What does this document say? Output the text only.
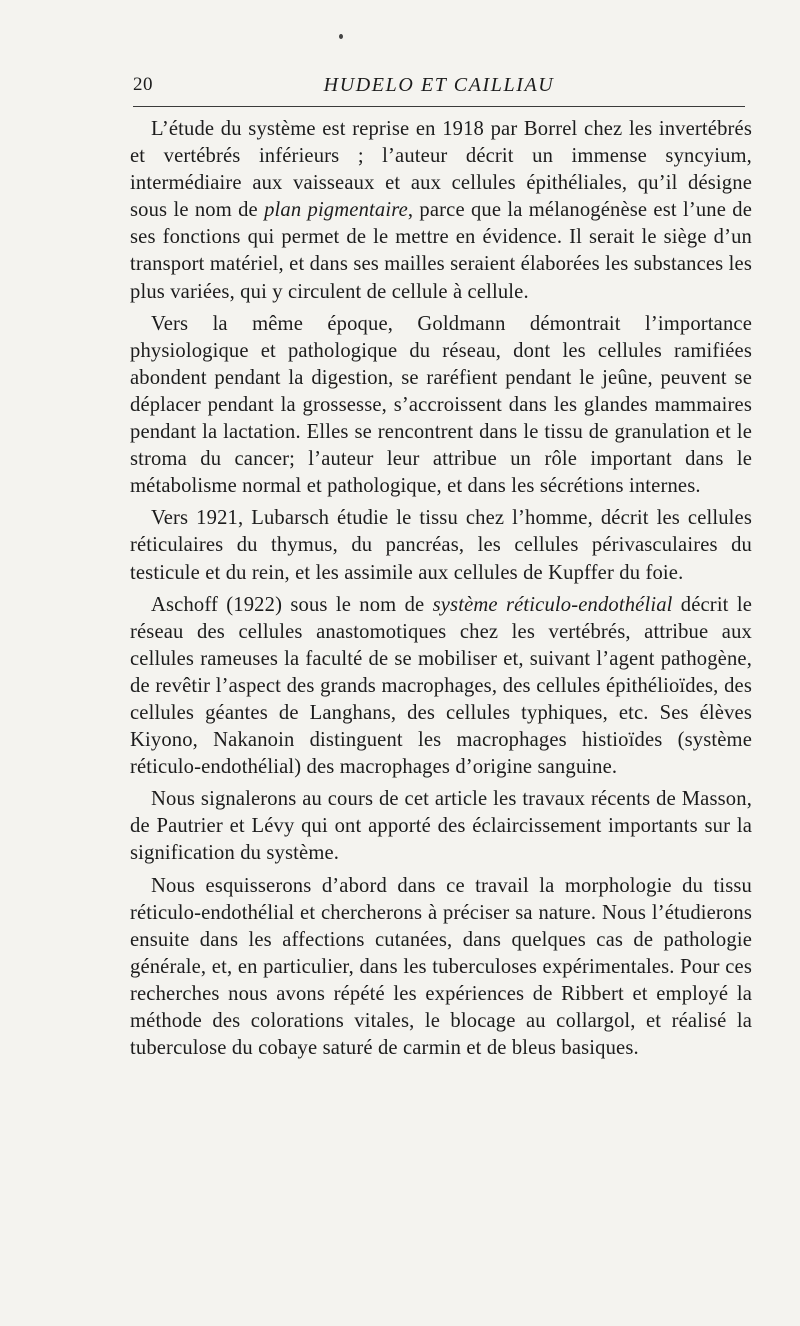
20	HUDELO ET CAILLIAU

L’étude du système est reprise en 1918 par Borrel chez les invertébrés et vertébrés inférieurs ; l’auteur décrit un immense syncyium, intermédiaire aux vaisseaux et aux cellules épithéliales, qu’il désigne sous le nom de plan pigmentaire, parce que la mélanogénèse est l’une de ses fonctions qui permet de le mettre en évidence. Il serait le siège d’un transport matériel, et dans ses mailles seraient élaborées les substances les plus variées, qui y circulent de cellule à cellule.

Vers la même époque, Goldmann démontrait l’importance physiologique et pathologique du réseau, dont les cellules ramifiées abondent pendant la digestion, se raréfient pendant le jeûne, peuvent se déplacer pendant la grossesse, s’accroissent dans les glandes mammaires pendant la lactation. Elles se rencontrent dans le tissu de granulation et le stroma du cancer; l’auteur leur attribue un rôle important dans le métabolisme normal et pathologique, et dans les sécrétions internes.

Vers 1921, Lubarsch étudie le tissu chez l’homme, décrit les cellules réticulaires du thymus, du pancréas, les cellules périvasculaires du testicule et du rein, et les assimile aux cellules de Kupffer du foie.

Aschoff (1922) sous le nom de système réticulo-endothélial décrit le réseau des cellules anastomotiques chez les vertébrés, attribue aux cellules rameuses la faculté de se mobiliser et, suivant l’agent pathogène, de revêtir l’aspect des grands macrophages, des cellules épithélioïdes, des cellules géantes de Langhans, des cellules typhiques, etc. Ses élèves Kiyono, Nakanoin distinguent les macrophages histioïdes (système réticulo-endothélial) des macrophages d’origine sanguine.

Nous signalerons au cours de cet article les travaux récents de Masson, de Pautrier et Lévy qui ont apporté des éclaircissement importants sur la signification du système.

Nous esquisserons d’abord dans ce travail la morphologie du tissu réticulo-endothélial et chercherons à préciser sa nature. Nous l’étudierons ensuite dans les affections cutanées, dans quelques cas de pathologie générale, et, en particulier, dans les tuberculoses expérimentales. Pour ces recherches nous avons répété les expériences de Ribbert et employé la méthode des colorations vitales, le blocage au collargol, et réalisé la tuberculose du cobaye saturé de carmin et de bleus basiques.
